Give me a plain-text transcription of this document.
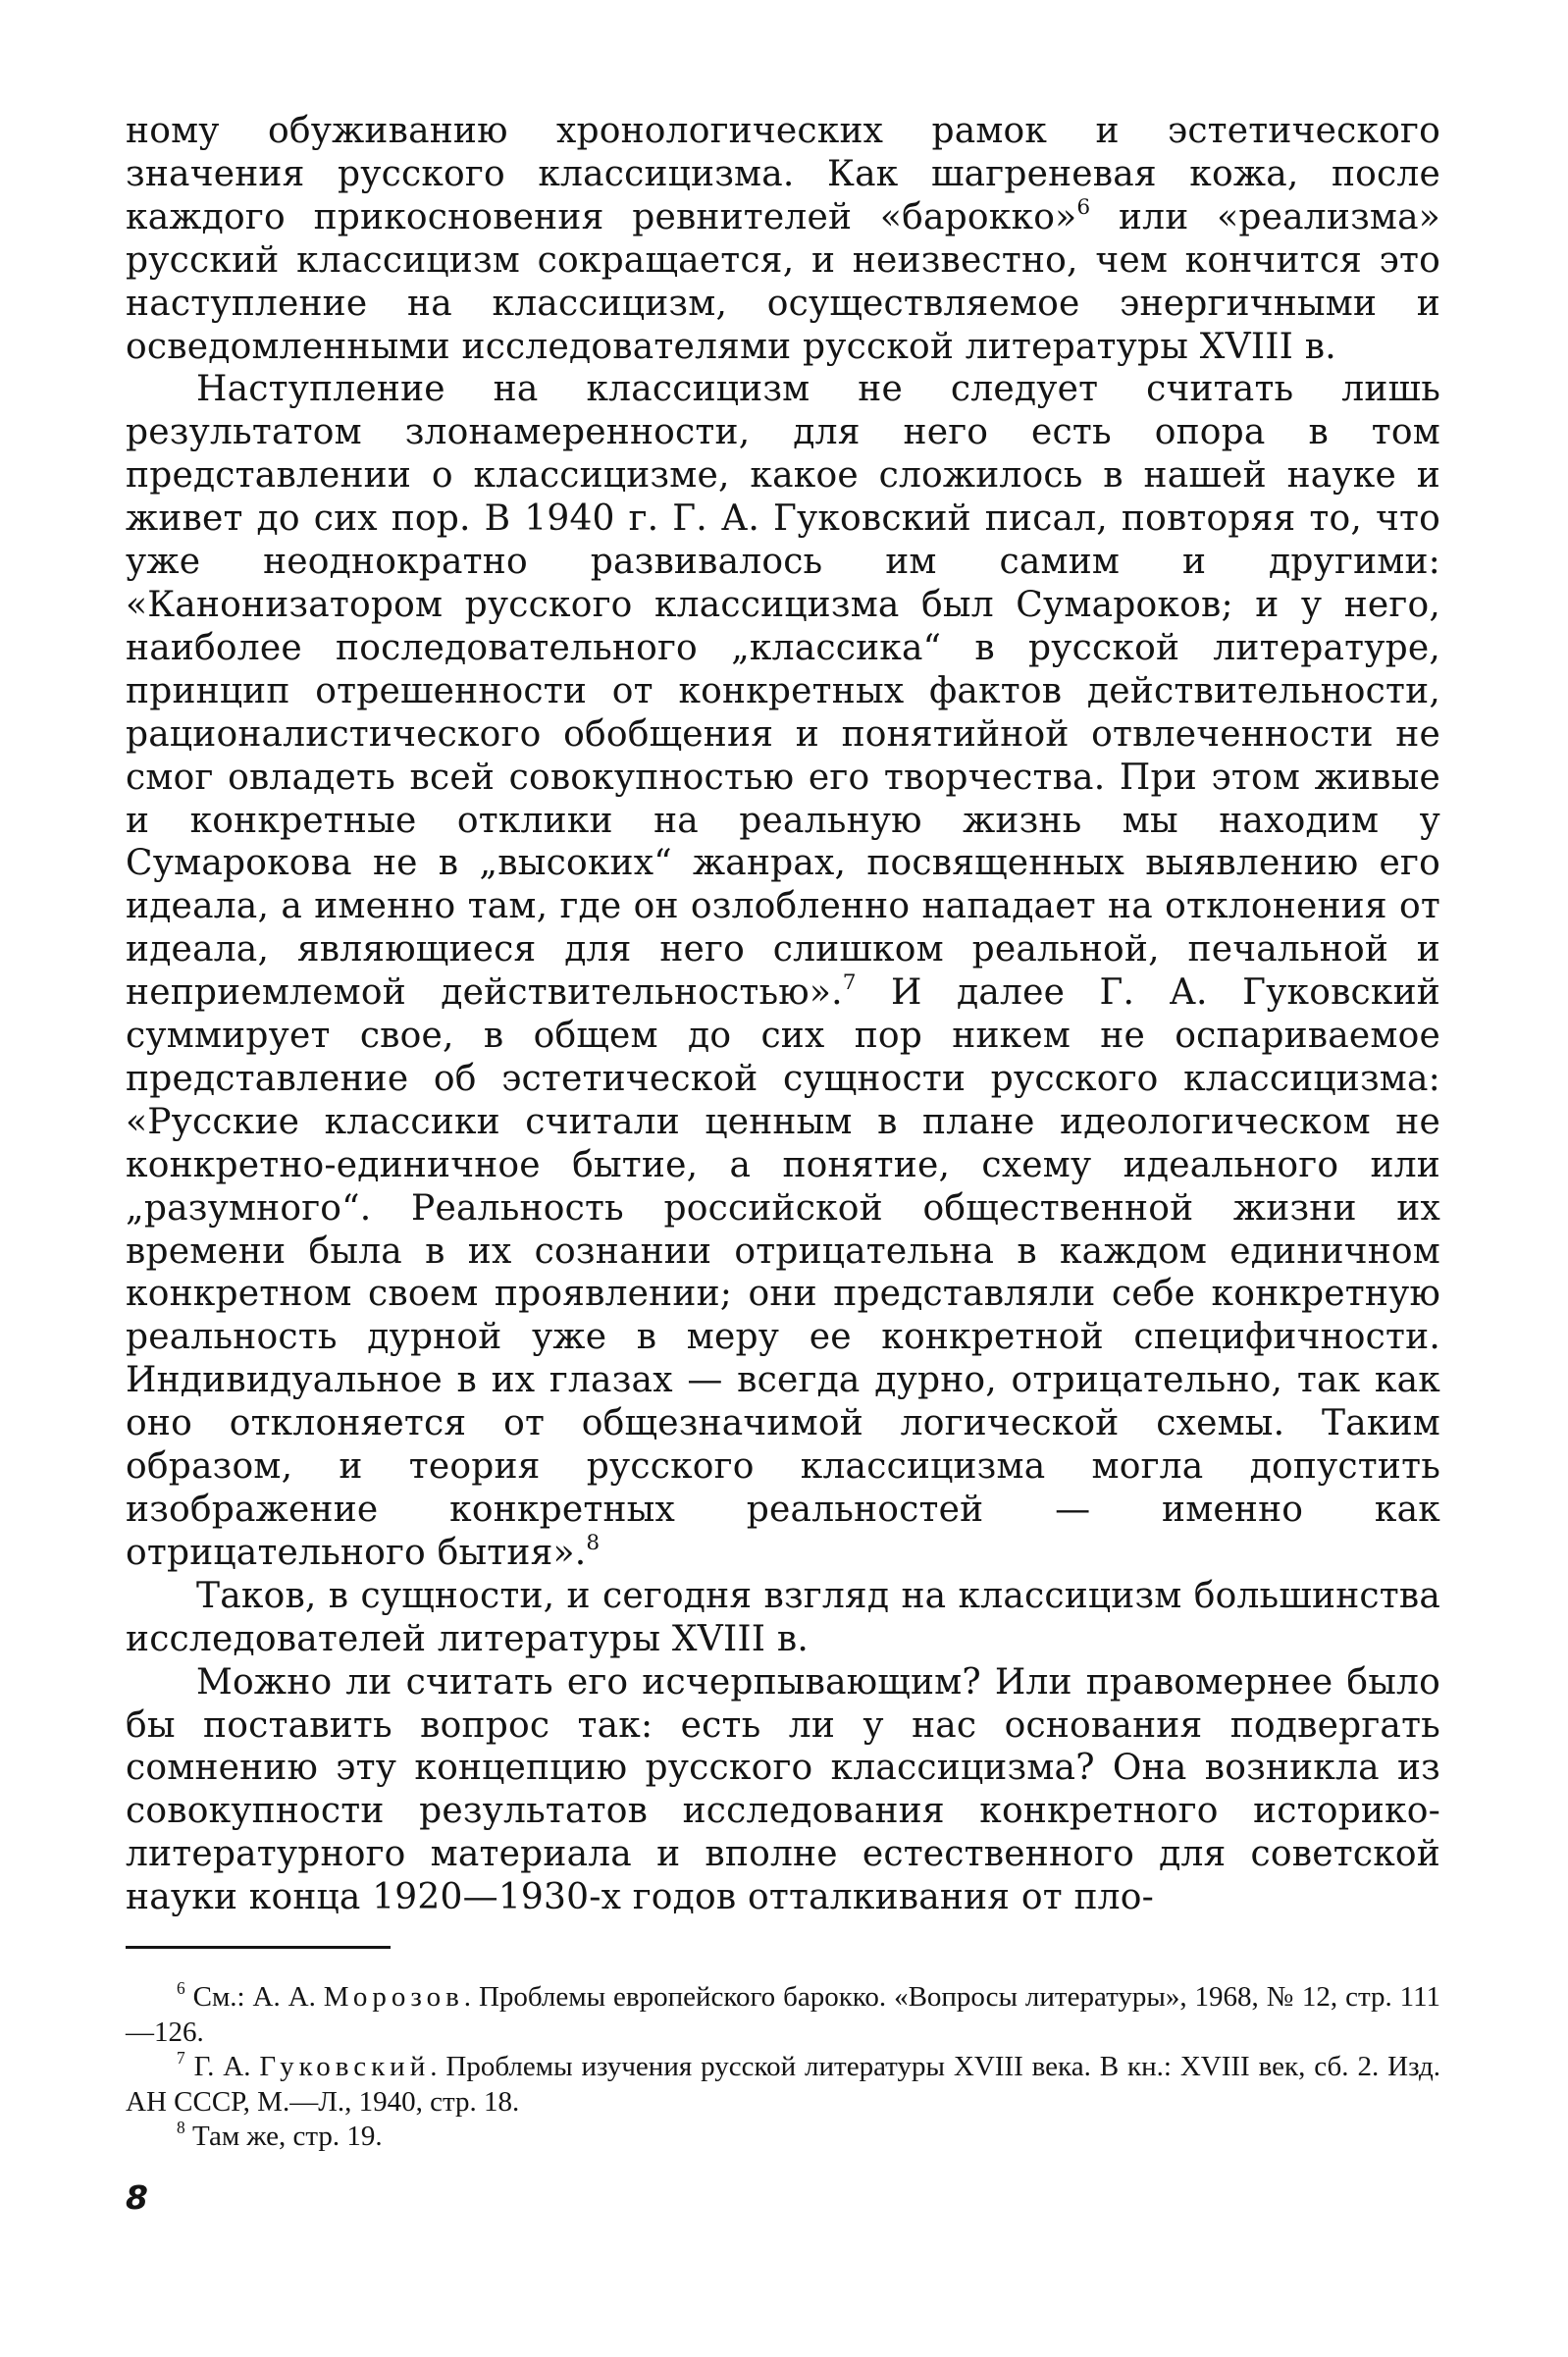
ному обуживанию хронологических рамок и эстетического значения русского классицизма. Как шагреневая кожа, после каждого прикосновения ревнителей «барокко»$^6$ или «реализма» русский классицизм сокращается, и неизвестно, чем кончится это наступление на классицизм, осуществляемое энергичными и осведомленными исследователями русской литературы XVIII в.

Наступление на классицизм не следует считать лишь результатом злонамеренности, для него есть опора в том представлении о классицизме, какое сложилось в нашей науке и живет до сих пор. В 1940 г. Г. А. Гуковский писал, повторяя то, что уже неоднократно развивалось им самим и другими: «Канонизатором русского классицизма был Сумароков; и у него, наиболее последовательного „классика“ в русской литературе, принцип отрешенности от конкретных фактов действительности, рационалистического обобщения и понятийной отвлеченности не смог овладеть всей совокупностью его творчества. При этом живые и конкретные отклики на реальную жизнь мы находим у Сумарокова не в „высоких“ жанрах, посвященных выявлению его идеала, а именно там, где он озлобленно нападает на отклонения от идеала, являющиеся для него слишком реальной, печальной и неприемлемой действительностью».$^7$ И далее Г. А. Гуковский суммирует свое, в общем до сих пор никем не оспариваемое представление об эстетической сущности русского классицизма: «Русские классики считали ценным в плане идеологическом не конкретно-единичное бытие, а понятие, схему идеального или „разумного“. Реальность российской общественной жизни их времени была в их сознании отрицательна в каждом единичном конкретном своем проявлении; они представляли себе конкретную реальность дурной уже в меру ее конкретной специфичности. Индивидуальное в их глазах — всегда дурно, отрицательно, так как оно отклоняется от общезначимой логической схемы. Таким образом, и теория русского классицизма могла допустить изображение конкретных реальностей — именно как отрицательного бытия».$^8$

Таков, в сущности, и сегодня взгляд на классицизм большинства исследователей литературы XVIII в.

Можно ли считать его исчерпывающим? Или правомернее было бы поставить вопрос так: есть ли у нас основания подвергать сомнению эту концепцию русского классицизма? Она возникла из совокупности результатов исследования конкретного историко-литературного материала и вполне естественного для советской науки конца 1920—1930-х годов отталкивания от пло-

$^6$ См.: А. А. Морозов. Проблемы европейского барокко. «Вопросы литературы», 1968, № 12, стр. 111—126.

$^7$ Г. А. Гуковский. Проблемы изучения русской литературы XVIII века. В кн.: XVIII век, сб. 2. Изд. АН СССР, М.—Л., 1940, стр. 18.

$^8$ Там же, стр. 19.

8
